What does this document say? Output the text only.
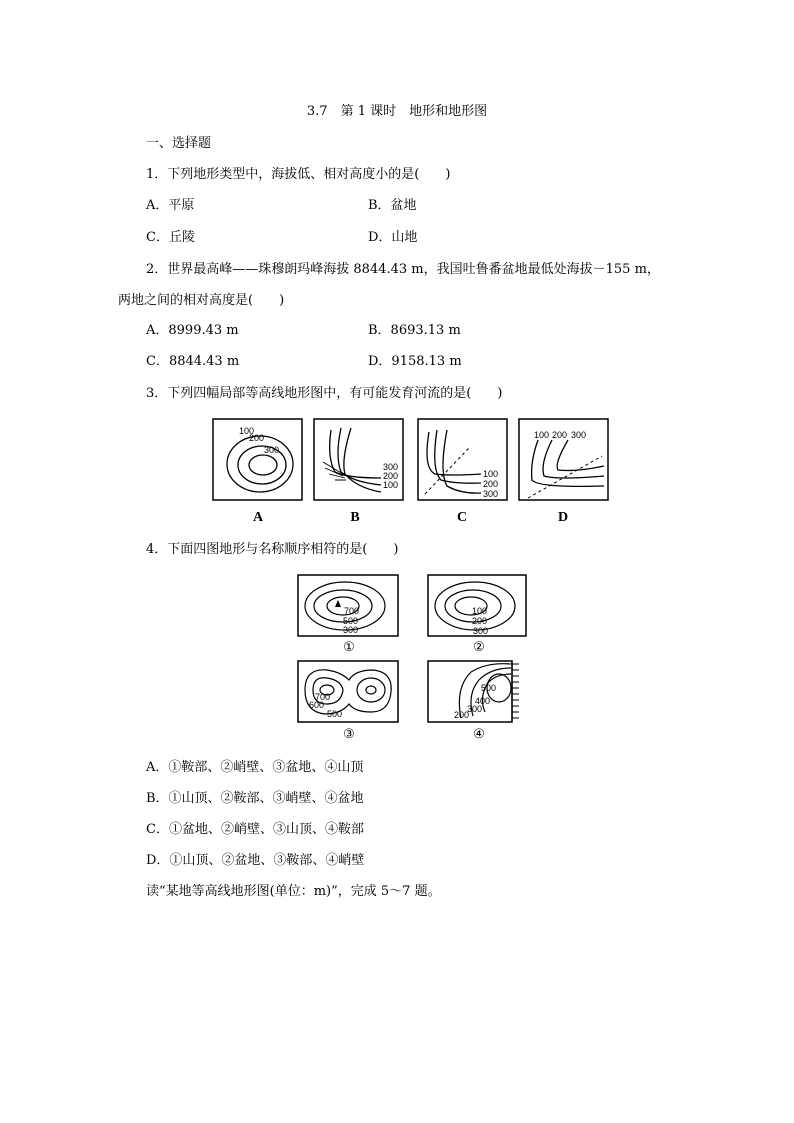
3.7　第 1 课时　地形和地形图
一、选择题
1．下列地形类型中，海拔低、相对高度小的是(　　)
A．平原	B．盆地
C．丘陵	D．山地
2．世界最高峰——珠穆朗玛峰海拔 8844.43 m，我国吐鲁番盆地最低处海拔－155 m，
两地之间的相对高度是(　　)
A．8999.43 m	B．8693.13 m
C．8844.43 m	D．9158.13 m
3．下列四幅局部等高线地形图中，有可能发育河流的是(　　)
100
200
300
300
200
100
100
200
300
100 200 300
A	B	C	D
4．下面四图地形与名称顺序相符的是(　　)
700
500
300
100
200
300
①	②
700
600
500
500
400
300
200
③	④
A．①鞍部、②峭壁、③盆地、④山顶
B．①山顶、②鞍部、③峭壁、④盆地
C．①盆地、②峭壁、③山顶、④鞍部
D．①山顶、②盆地、③鞍部、④峭壁
读“某地等高线地形图(单位：m)”，完成 5～7 题。
